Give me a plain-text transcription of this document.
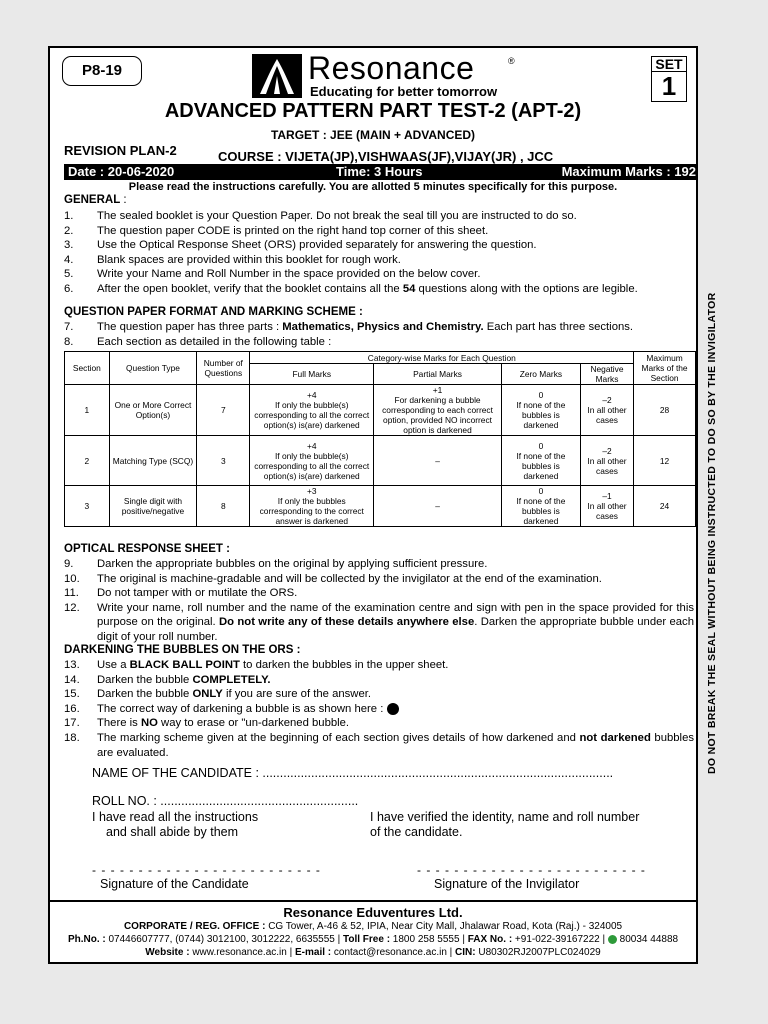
P8-19	Resonance	®
Educating for better tomorrow
SET
1
ADVANCED PATTERN PART TEST-2 (APT-2)
TARGET : JEE (MAIN + ADVANCED)
REVISION PLAN-2	COURSE : VIJETA(JP),VISHWAAS(JF),VIJAY(JR) , JCC
Date : 20-06-2020	Time: 3 Hours	Maximum Marks : 192
Please read the instructions carefully. You are allotted 5 minutes specifically for this purpose.
GENERAL :
1.	The sealed booklet is your Question Paper. Do not break the seal till you are instructed to do so.
2.	The question paper CODE is printed on the right hand top corner of this sheet.
3.	Use the Optical Response Sheet (ORS) provided separately for answering the question.
4.	Blank spaces are provided within this booklet for rough work.
5.	Write your Name and Roll Number in the space provided on the below cover.
6.	After the open booklet, verify that the booklet contains all the 54 questions along with the options are legible.
QUESTION PAPER FORMAT AND MARKING SCHEME :
7.	The question paper has three parts : Mathematics, Physics and Chemistry. Each part has three sections.
8.	Each section as detailed in the following table :
Section	Question Type	Number of Questions	Category-wise Marks for Each Question				Maximum Marks of the Section
			Full Marks	Partial Marks	Zero Marks	Negative Marks	
1	One or More Correct Option(s)	7	+4
If only the bubble(s) corresponding to all the correct option(s) is(are) darkened	+1
For darkening a bubble corresponding to each correct option, provided NO incorrect option is darkened	0
If none of the bubbles is darkened	–2
In all other cases	28
2	Matching Type (SCQ)	3	+4
If only the bubble(s) corresponding to all the correct option(s) is(are) darkened	–	0
If none of the bubbles is darkened	–2
In all other cases	12
3	Single digit with positive/negative	8	+3
If only the bubbles corresponding to the correct answer is darkened	–	0
If none of the bubbles is darkened	–1
In all other cases	24
OPTICAL RESPONSE SHEET :
9.	Darken the appropriate bubbles on the original by applying sufficient pressure.
10.	The original is machine-gradable and will be collected by the invigilator at the end of the examination.
11.	Do not tamper with or mutilate the ORS.
12.	Write your name, roll number and the name of the examination centre and sign with pen in the space provided for this purpose on the original. Do not write any of these details anywhere else. Darken the appropriate bubble under each digit of your roll number.
DARKENING THE BUBBLES ON THE ORS :
13.	Use a BLACK BALL POINT to darken the bubbles in the upper sheet.
14.	Darken the bubble COMPLETELY.
15.	Darken the bubble ONLY if you are sure of the answer.
16.	The correct way of darkening a bubble is as shown here :
17.	There is NO way to erase or "un-darkened bubble.
18.	The marking scheme given at the beginning of each section gives details of how darkened and not darkened bubbles are evaluated.
NAME OF THE CANDIDATE : .....................................................................................................
ROLL NO. : .........................................................
I have read all the instructions
and shall abide by them
I have verified the identity, name and roll number
of the candidate.
- - - - - - - - - - - - - - - - - - - - - - - - -	- - - - - - - - - - - - - - - - - - - - - - - - -
Signature of the Candidate	Signature of the Invigilator
Resonance Eduventures Ltd.
CORPORATE / REG. OFFICE : CG Tower, A-46 & 52, IPIA, Near City Mall, Jhalawar Road, Kota (Raj.) - 324005
Ph.No. : 07446607777, (0744) 3012100, 3012222, 6635555 | Toll Free : 1800 258 5555 | FAX No. : +91-022-39167222 |  80034 44888
Website : www.resonance.ac.in | E-mail : contact@resonance.ac.in | CIN: U80302RJ2007PLC024029
DO NOT BREAK THE SEAL WITHOUT BEING INSTRUCTED TO DO SO BY THE INVIGILATOR
